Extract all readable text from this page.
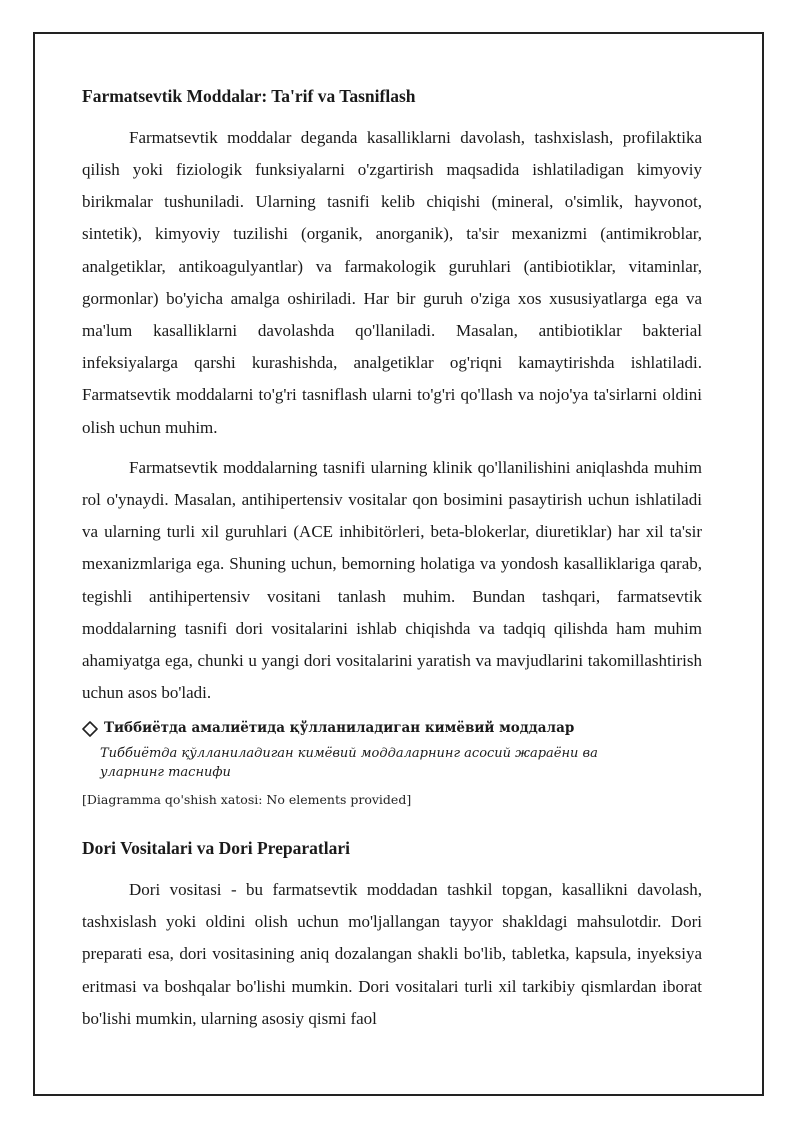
Farmatsevtik Moddalar: Ta'rif va Tasniflash

Farmatsevtik moddalar deganda kasalliklarni davolash, tashxislash, profilaktika qilish yoki fiziologik funksiyalarni o'zgartirish maqsadida ishlatiladigan kimyoviy birikmalar tushuniladi. Ularning tasnifi kelib chiqishi (mineral, o'simlik, hayvonot, sintetik), kimyoviy tuzilishi (organik, anorganik), ta'sir mexanizmi (antimikroblar, analgetiklar, antikoagulyantlar) va farmakologik guruhlari (antibiotiklar, vitaminlar, gormonlar) bo'yicha amalga oshiriladi. Har bir guruh o'ziga xos xususiyatlarga ega va ma'lum kasalliklarni davolashda qo'llaniladi. Masalan, antibiotiklar bakterial infeksiyalarga qarshi kurashishda, analgetiklar og'riqni kamaytirishda ishlatiladi. Farmatsevtik moddalarni to'g'ri tasniflash ularni to'g'ri qo'llash va nojo'ya ta'sirlarni oldini olish uchun muhim.

Farmatsevtik moddalarning tasnifi ularning klinik qo'llanilishini aniqlashda muhim rol o'ynaydi. Masalan, antihipertensiv vositalar qon bosimini pasaytirish uchun ishlatiladi va ularning turli xil guruhlari (ACE inhibitörleri, beta-blokerlar, diuretiklar) har xil ta'sir mexanizmlariga ega. Shuning uchun, bemorning holatiga va yondosh kasalliklariga qarab, tegishli antihipertensiv vositani tanlash muhim. Bundan tashqari, farmatsevtik moddalarning tasnifi dori vositalarini ishlab chiqishda va tadqiq qilishda ham muhim ahamiyatga ega, chunki u yangi dori vositalarini yaratish va mavjudlarini takomillashtirish uchun asos bo'ladi.

Тиббиётда амалиётида қўлланиладиган кимёвий моддалар

Тиббиётда қўлланиладиган кимёвий моддаларнинг асосий жараёни ва уларнинг таснифи

[Diagramma qo'shish xatosi: No elements provided]

Dori Vositalari va Dori Preparatlari

Dori vositasi - bu farmatsevtik moddadan tashkil topgan, kasallikni davolash, tashxislash yoki oldini olish uchun mo'ljallangan tayyor shakldagi mahsulotdir. Dori preparati esa, dori vositasining aniq dozalangan shakli bo'lib, tabletka, kapsula, inyeksiya eritmasi va boshqalar bo'lishi mumkin. Dori vositalari turli xil tarkibiy qismlardan iborat bo'lishi mumkin, ularning asosiy qismi faol
